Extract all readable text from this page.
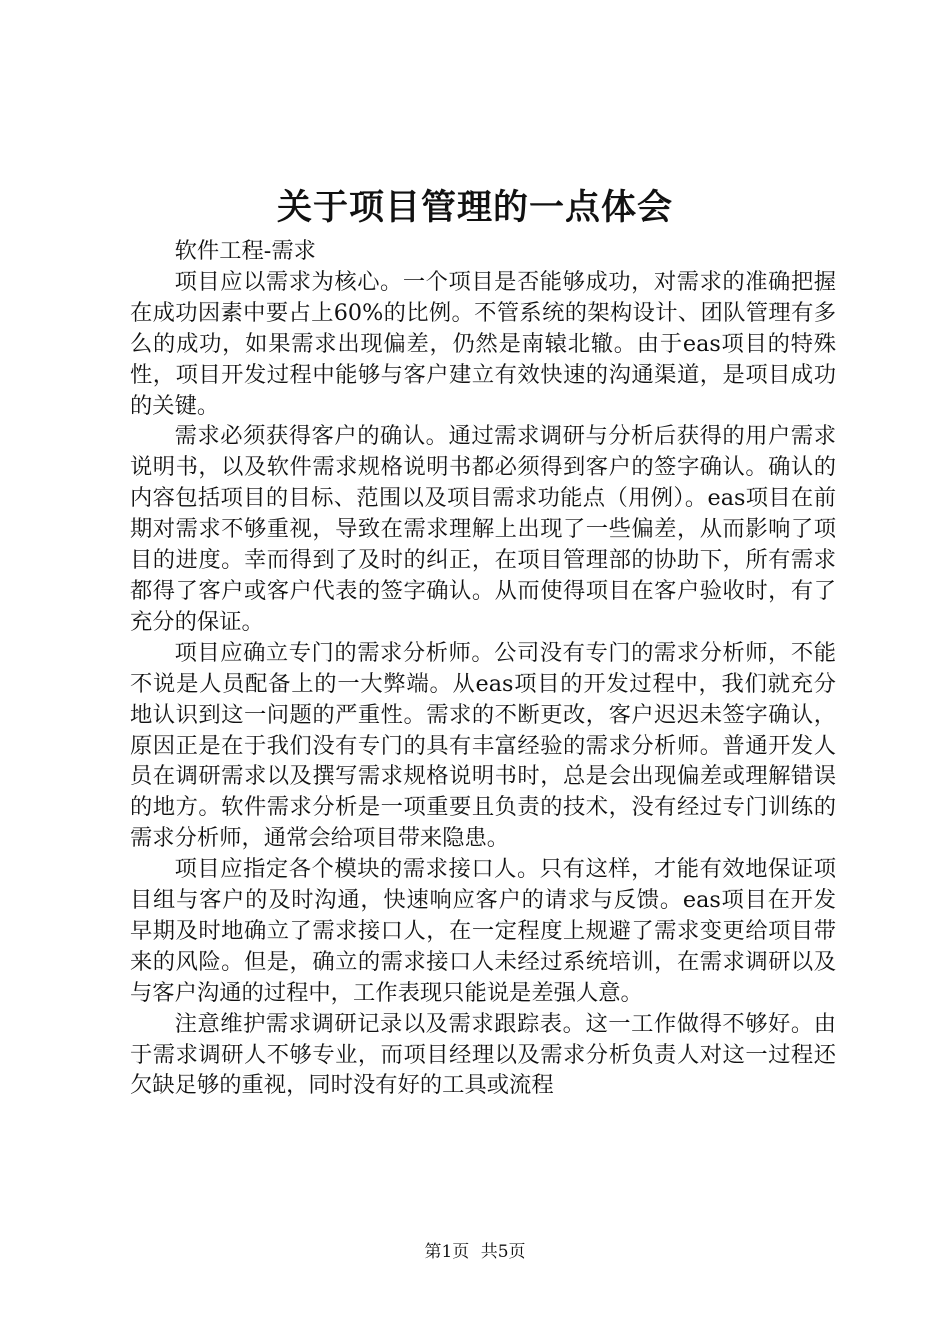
关于项目管理的一点体会

软件工程-需求

项目应以需求为核心。一个项目是否能够成功，对需求的准确把握在成功因素中要占上60%的比例。不管系统的架构设计、团队管理有多么的成功，如果需求出现偏差，仍然是南辕北辙。由于eas项目的特殊性，项目开发过程中能够与客户建立有效快速的沟通渠道，是项目成功的关键。

需求必须获得客户的确认。通过需求调研与分析后获得的用户需求说明书，以及软件需求规格说明书都必须得到客户的签字确认。确认的内容包括项目的目标、范围以及项目需求功能点（用例）。eas项目在前期对需求不够重视，导致在需求理解上出现了一些偏差，从而影响了项目的进度。幸而得到了及时的纠正，在项目管理部的协助下，所有需求都得了客户或客户代表的签字确认。从而使得项目在客户验收时，有了充分的保证。

项目应确立专门的需求分析师。公司没有专门的需求分析师，不能不说是人员配备上的一大弊端。从eas项目的开发过程中，我们就充分地认识到这一问题的严重性。需求的不断更改，客户迟迟未签字确认，原因正是在于我们没有专门的具有丰富经验的需求分析师。普通开发人员在调研需求以及撰写需求规格说明书时，总是会出现偏差或理解错误的地方。软件需求分析是一项重要且负责的技术，没有经过专门训练的需求分析师，通常会给项目带来隐患。

项目应指定各个模块的需求接口人。只有这样，才能有效地保证项目组与客户的及时沟通，快速响应客户的请求与反馈。eas项目在开发早期及时地确立了需求接口人，在一定程度上规避了需求变更给项目带来的风险。但是，确立的需求接口人未经过系统培训，在需求调研以及与客户沟通的过程中，工作表现只能说是差强人意。

注意维护需求调研记录以及需求跟踪表。这一工作做得不够好。由于需求调研人不够专业，而项目经理以及需求分析负责人对这一过程还欠缺足够的重视，同时没有好的工具或流程

第1页 共5页
